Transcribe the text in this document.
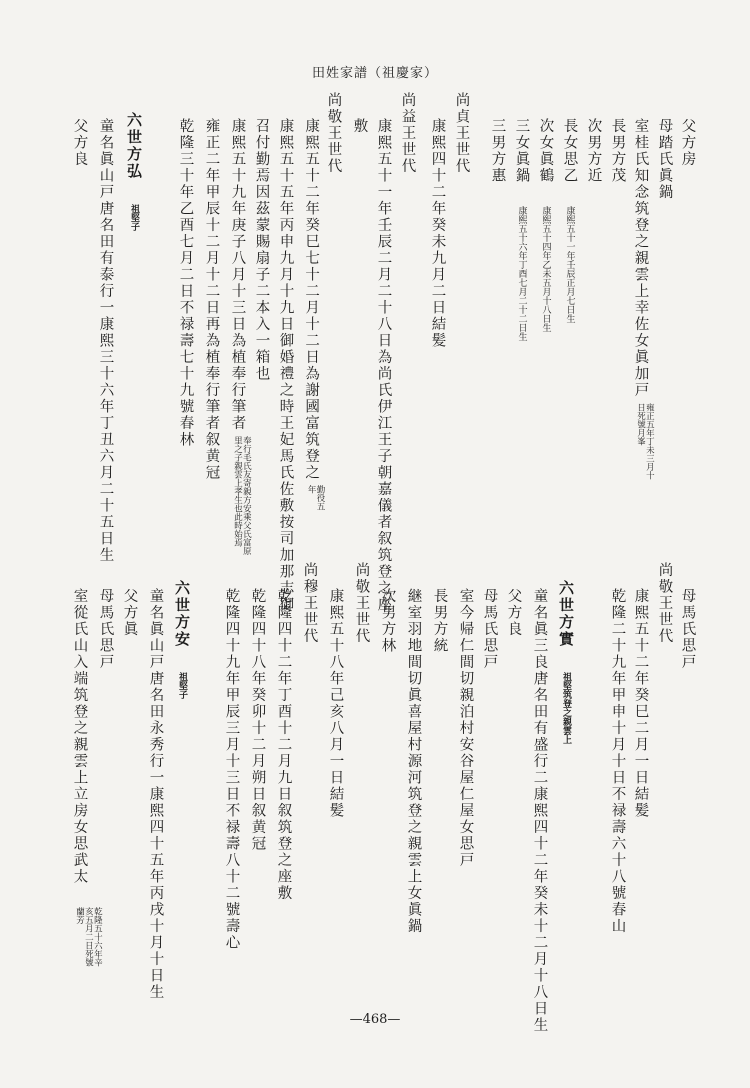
田姓家譜（祖慶家）
父方房
母踏氏眞鍋
室桂氏知念筑登之親雲上幸佐女眞加戸雍正五年丁未三月十日死號月峯
長男方茂
次男方近
長女思乙 康熙五十一年壬辰正月七日生
次女眞鶴 康熙五十四年乙未五月十八日生
三女眞鍋 康熙五十六年丁酉七月二十二日生
三男方惠
尚貞王世代
康熙四十二年癸未九月二日結髪
尚益王世代
康熙五十一年壬辰二月二十八日為尚氏伊江王子朝嘉儀者叙筑登之座
敷
尚敬王世代
康熙五十二年癸巳七十二月十二日為謝國富筑登之勤役五年
康熙五十五年丙申九月十九日御婚禮之時王妃馬氏佐敷按司加那志御
召付勤焉因茲蒙賜扇子二本入一箱也
康熙五十九年庚子八月十三日為植奉行筆者奉行毛氏友寄親方安乘父氏富原里之子親雲上孝生也此時始焉
雍正二年甲辰十二月十二日再為植奉行筆者叙黄冠
乾隆三十年乙酉七月二日不禄壽七十九號春林
六世方弘 祖堅子
童名眞山戸唐名田有泰行一康熙三十六年丁丑六月二十五日生
父方良
母馬氏思戸
尚敬王世代
康熙五十二年癸巳二月一日結髪
乾隆二十九年甲申十月十日不禄壽六十八號春山
六世方實 祖堅筑登之親雲上
童名眞三良唐名田有盛行二康熙四十二年癸未十二月十八日生
父方良
母馬氏思戸
室今帰仁間切親泊村安谷屋仁屋女思戸
長男方統
継室羽地間切眞喜屋村源河筑登之親雲上女眞鍋
次男方林
尚敬王世代
康熙五十八年己亥八月一日結髪
尚穆王世代
乾隆四十二年丁酉十二月九日叙筑登之座敷
乾隆四十八年癸卯十二月朔日叙黄冠
乾隆四十九年甲辰三月十三日不禄壽八十二號壽心
六世方安 祖堅子
童名眞山戸唐名田永秀行一康熙四十五年丙戌十月十日生
父方眞
母馬氏思戸
室從氏山入端筑登之親雲上立房女思武太 乾隆五十六年辛亥五月二日死號蘭芳
—468—
